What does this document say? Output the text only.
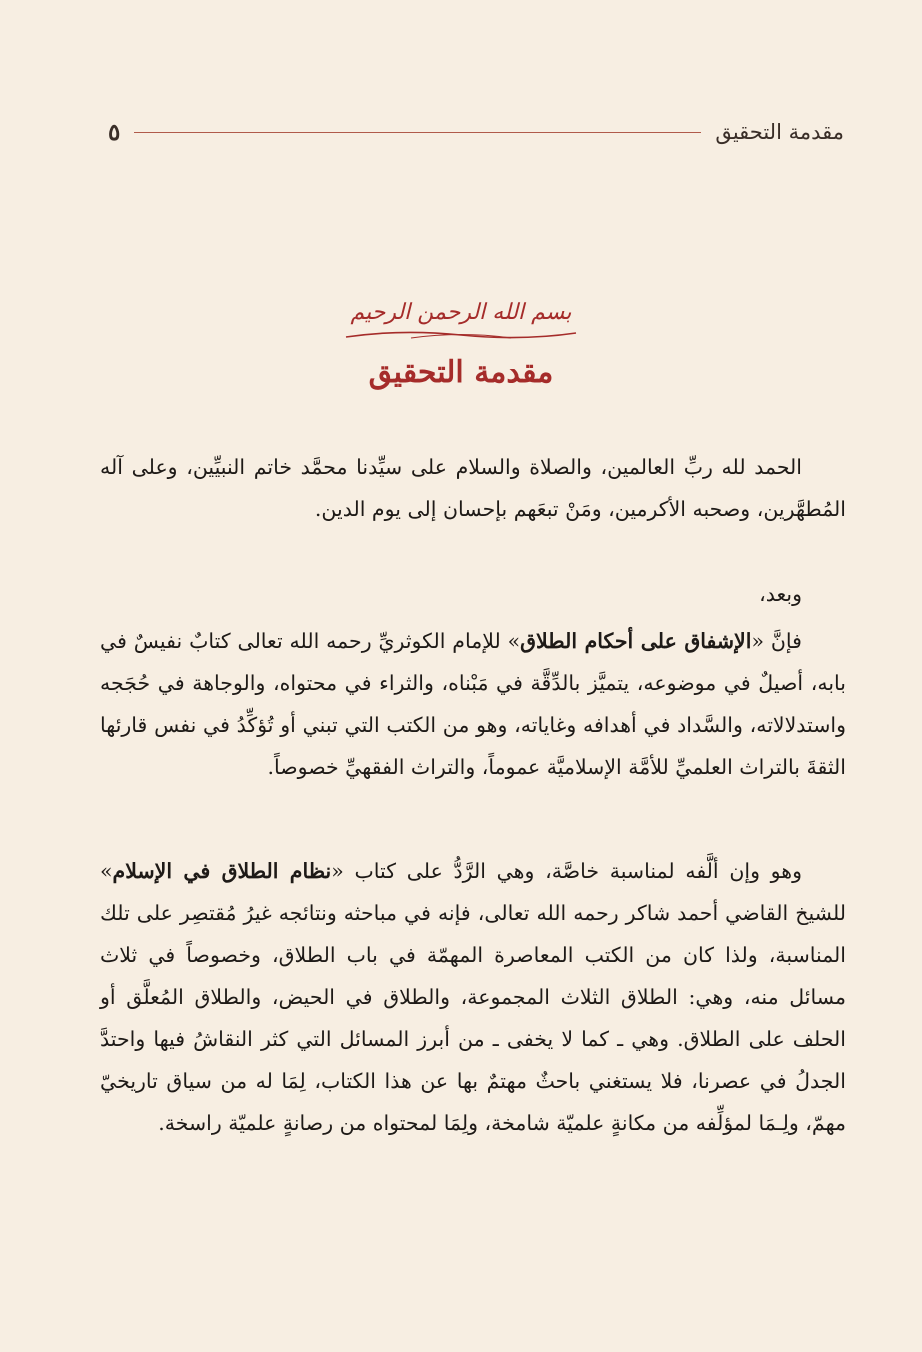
مقدمة التحقيق
٥
بسم الله الرحمن الرحيم
مقدمة التحقيق

الحمد لله ربِّ العالمين، والصلاة والسلام على سيِّدنا محمَّد خاتم النبيِّين، وعلى آله المُطهَّرين، وصحبه الأكرمين، ومَنْ تبعَهم بإحسان إلى يوم الدين.

وبعد،

فإنَّ «الإشفاق على أحكام الطلاق» للإمام الكوثريِّ رحمه الله تعالى كتابٌ نفيسٌ في بابه، أصيلٌ في موضوعه، يتميَّز بالدِّقَّة في مَبْناه، والثراء في محتواه، والوجاهة في حُجَجه واستدلالاته، والسَّداد في أهدافه وغاياته، وهو من الكتب التي تبني أو تُؤكِّدُ في نفس قارئها الثقةَ بالتراث العلميِّ للأمَّة الإسلاميَّة عموماً، والتراث الفقهيِّ خصوصاً.

وهو وإن ألَّفه لمناسبة خاصَّة، وهي الرَّدُّ على كتاب «نظام الطلاق في الإسلام» للشيخ القاضي أحمد شاكر رحمه الله تعالى، فإنه في مباحثه ونتائجه غيرُ مُقتصِر على تلك المناسبة، ولذا كان من الكتب المعاصرة المهمّة في باب الطلاق، وخصوصاً في ثلاث مسائل منه، وهي: الطلاق الثلاث المجموعة، والطلاق في الحيض، والطلاق المُعلَّق أو الحلف على الطلاق. وهي ـ كما لا يخفى ـ من أبرز المسائل التي كثر النقاشُ فيها واحتدَّ الجدلُ في عصرنا، فلا يستغني باحثٌ مهتمٌ بها عن هذا الكتاب، لِمَا له من سياق تاريخيّ مهمّ، ولِـمَا لمؤلِّفه من مكانةٍ علميّة شامخة، ولِمَا لمحتواه من رصانةٍ علميّة راسخة.
